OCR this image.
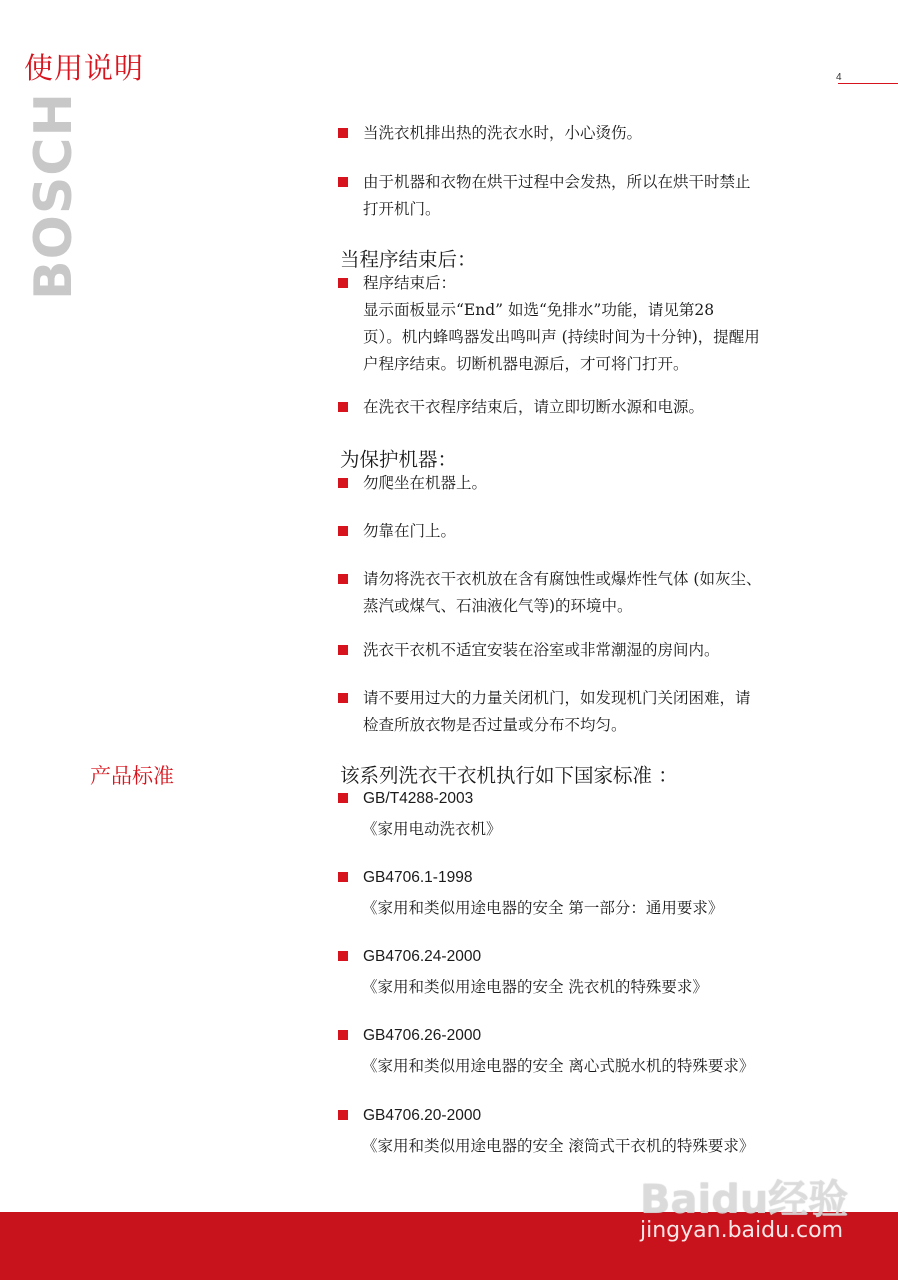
使用说明	4
BOSCH
产品标准
当洗衣机排出热的洗衣水时，小心烫伤。
由于机器和衣物在烘干过程中会发热，所以在烘干时禁止
打开机门。
当程序结束后：
程序结束后：
显示面板显示“End” 如选“免排水”功能，请见第28
页）。机内蜂鸣器发出鸣叫声 (持续时间为十分钟)，提醒用
户程序结束。切断机器电源后，才可将门打开。
在洗衣干衣程序结束后，请立即切断水源和电源。
为保护机器：
勿爬坐在机器上。
勿靠在门上。
请勿将洗衣干衣机放在含有腐蚀性或爆炸性气体 (如灰尘、
蒸汽或煤气、石油液化气等)的环境中。
洗衣干衣机不适宜安装在浴室或非常潮湿的房间内。
请不要用过大的力量关闭机门，如发现机门关闭困难，请
检查所放衣物是否过量或分布不均匀。
该系列洗衣干衣机执行如下国家标准 ：
GB/T4288-2003
《家用电动洗衣机》
GB4706.1-1998
《家用和类似用途电器的安全 第一部分：通用要求》
GB4706.24-2000
《家用和类似用途电器的安全 洗衣机的特殊要求》
GB4706.26-2000
《家用和类似用途电器的安全 离心式脱水机的特殊要求》
GB4706.20-2000
《家用和类似用途电器的安全 滚筒式干衣机的特殊要求》
Baidu经验
jingyan.baidu.com
